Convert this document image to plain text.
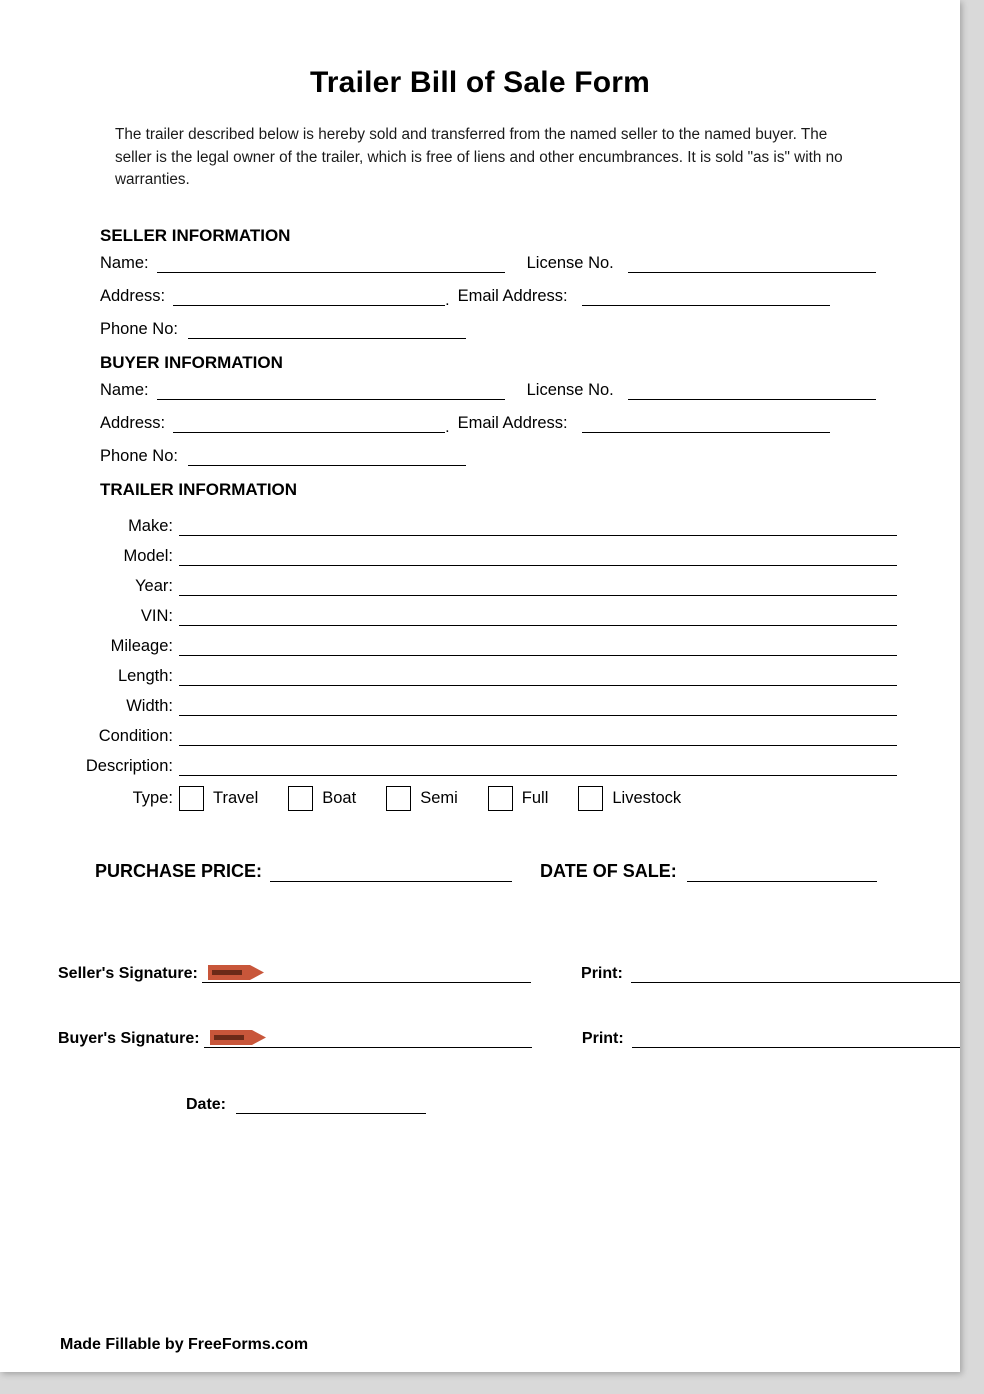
Trailer Bill of Sale Form

The trailer described below is hereby sold and transferred from the named seller to the named buyer. The seller is the legal owner of the trailer, which is free of liens and other encumbrances. It is sold "as is" with no warranties.

SELLER INFORMATION
Name:	License No.
Address:	. Email Address:
Phone No:
BUYER INFORMATION
Name:	License No.
Address:	. Email Address:
Phone No:
TRAILER INFORMATION
Make:
Model:
Year:
VIN:
Mileage:
Length:
Width:
Condition:
Description:
Type:	Travel	Boat	Semi	Full	Livestock
PURCHASE PRICE:	DATE OF SALE:
Seller's Signature:	Print:
Buyer's Signature:	Print:
Date:
Made Fillable by FreeForms.com
